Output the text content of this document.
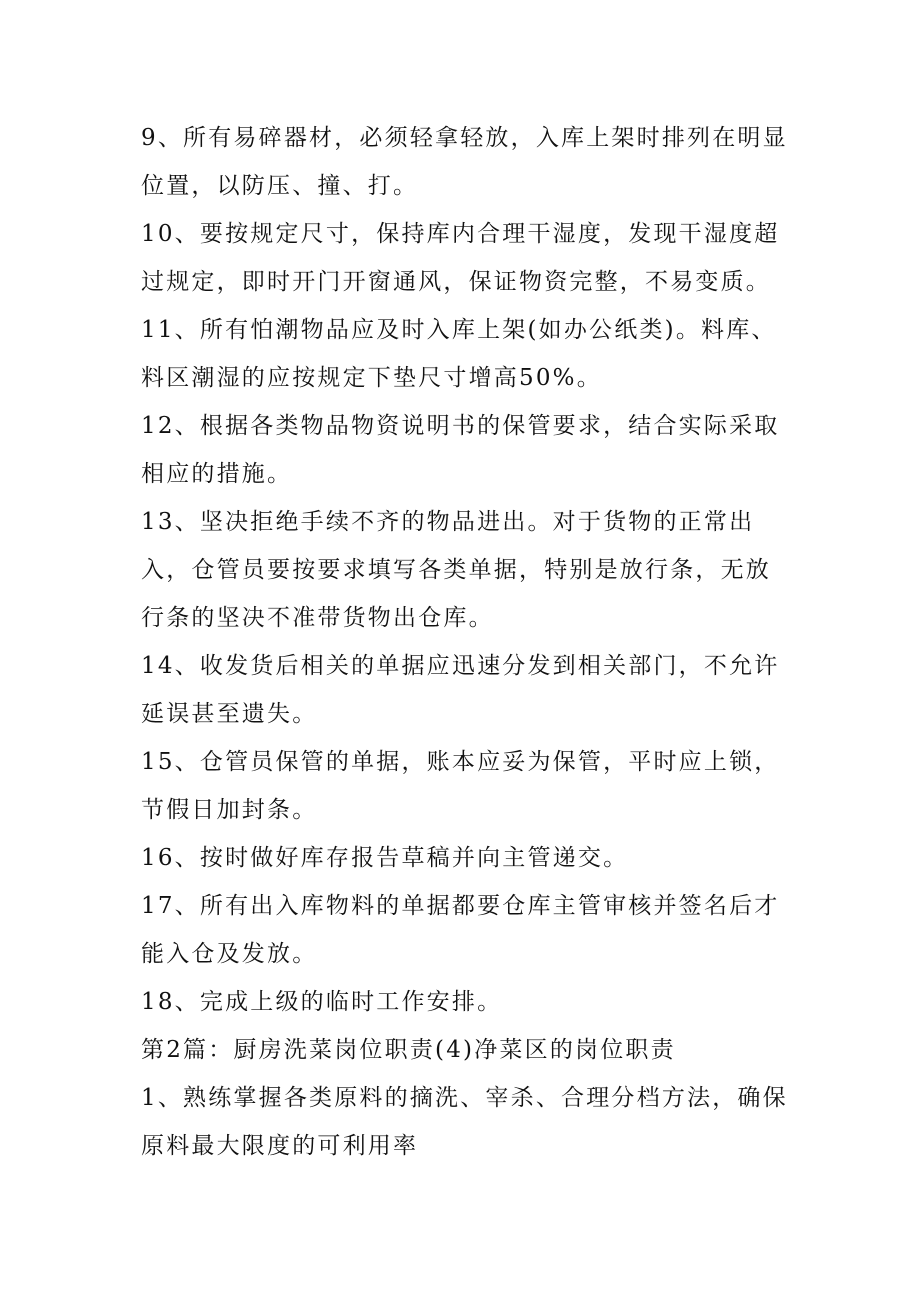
9、所有易碎器材，必须轻拿轻放，入库上架时排列在明显位置，以防压、撞、打。

10、要按规定尺寸，保持库内合理干湿度，发现干湿度超过规定，即时开门开窗通风，保证物资完整，不易变质。

11、所有怕潮物品应及时入库上架(如办公纸类)。料库、料区潮湿的应按规定下垫尺寸增高50%。

12、根据各类物品物资说明书的保管要求，结合实际采取相应的措施。

13、坚决拒绝手续不齐的物品进出。对于货物的正常出入，仓管员要按要求填写各类单据，特别是放行条，无放行条的坚决不准带货物出仓库。

14、收发货后相关的单据应迅速分发到相关部门，不允许延误甚至遗失。

15、仓管员保管的单据，账本应妥为保管，平时应上锁，节假日加封条。

16、按时做好库存报告草稿并向主管递交。

17、所有出入库物料的单据都要仓库主管审核并签名后才能入仓及发放。

18、完成上级的临时工作安排。

第2篇：厨房洗菜岗位职责(4)净菜区的岗位职责

1、熟练掌握各类原料的摘洗、宰杀、合理分档方法，确保原料最大限度的可利用率
